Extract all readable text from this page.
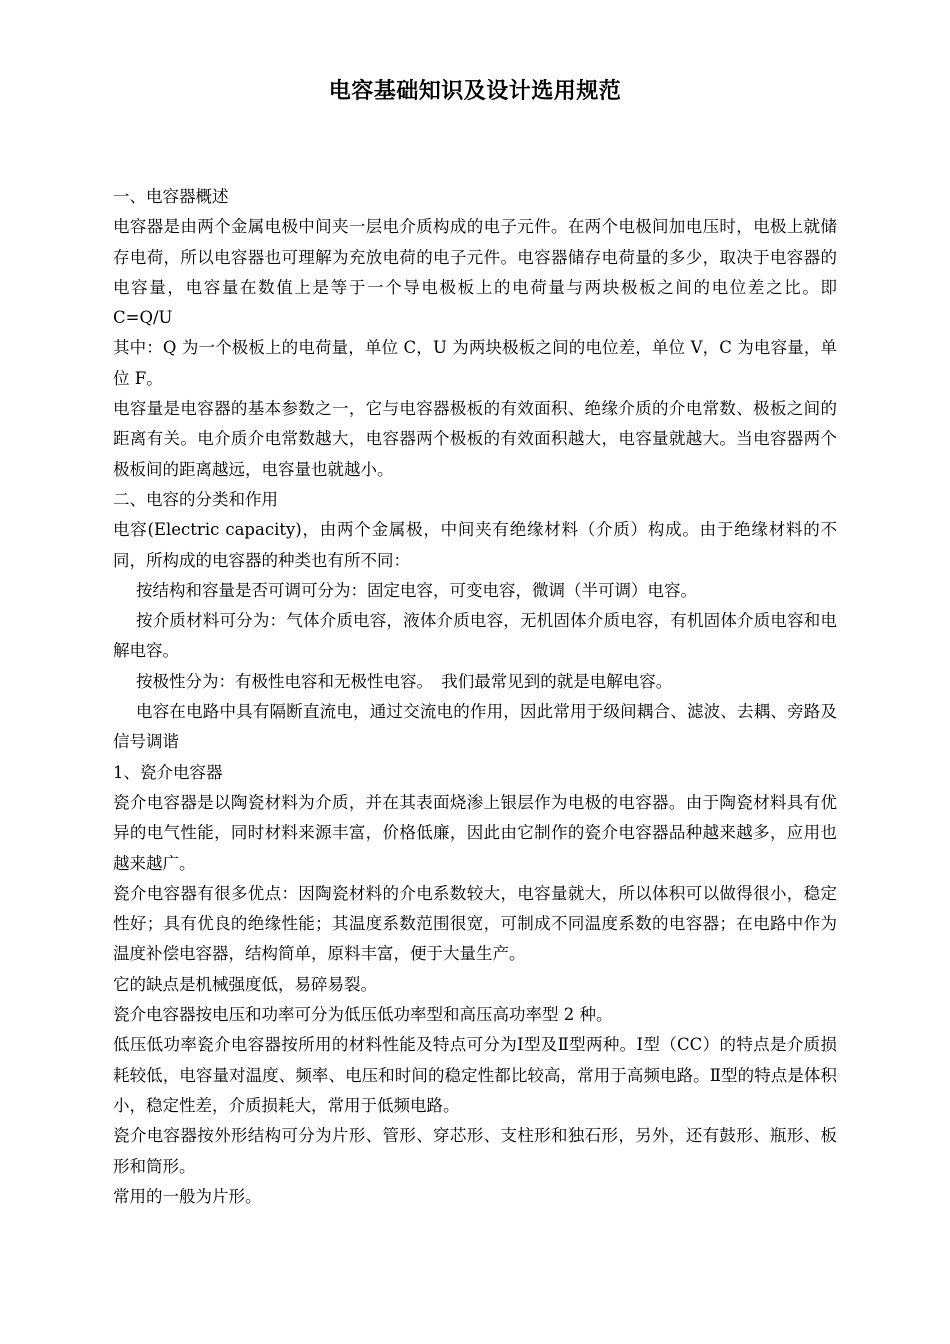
电容基础知识及设计选用规范

一、电容器概述

电容器是由两个金属电极中间夹一层电介质构成的电子元件。在两个电极间加电压时，电极上就储存电荷，所以电容器也可理解为充放电荷的电子元件。电容器储存电荷量的多少，取决于电容器的电容量，电容量在数值上是等于一个导电极板上的电荷量与两块极板之间的电位差之比。即　C=Q/U

其中：Q 为一个极板上的电荷量，单位 C，U 为两块极板之间的电位差，单位 V，C 为电容量，单位 F。

电容量是电容器的基本参数之一，它与电容器极板的有效面积、绝缘介质的介电常数、极板之间的距离有关。电介质介电常数越大，电容器两个极板的有效面积越大，电容量就越大。当电容器两个极板间的距离越远，电容量也就越小。

二、电容的分类和作用

电容(Electric capacity)，由两个金属极，中间夹有绝缘材料（介质）构成。由于绝缘材料的不同，所构成的电容器的种类也有所不同：

按结构和容量是否可调可分为：固定电容，可变电容，微调（半可调）电容。

按介质材料可分为：气体介质电容，液体介质电容，无机固体介质电容，有机固体介质电容和电解电容。

按极性分为：有极性电容和无极性电容。　我们最常见到的就是电解电容。

电容在电路中具有隔断直流电，通过交流电的作用，因此常用于级间耦合、滤波、去耦、旁路及信号调谐

1、瓷介电容器

瓷介电容器是以陶瓷材料为介质，并在其表面烧渗上银层作为电极的电容器。由于陶瓷材料具有优异的电气性能，同时材料来源丰富，价格低廉，因此由它制作的瓷介电容器品种越来越多，应用也越来越广。

瓷介电容器有很多优点：因陶瓷材料的介电系数较大，电容量就大，所以体积可以做得很小，稳定性好；具有优良的绝缘性能；其温度系数范围很宽，可制成不同温度系数的电容器；在电路中作为温度补偿电容器，结构简单，原料丰富，便于大量生产。

它的缺点是机械强度低，易碎易裂。

瓷介电容器按电压和功率可分为低压低功率型和高压高功率型 2 种。

低压低功率瓷介电容器按所用的材料性能及特点可分为Ⅰ型及Ⅱ型两种。Ⅰ型（CC）的特点是介质损耗较低，电容量对温度、频率、电压和时间的稳定性都比较高，常用于高频电路。Ⅱ型的特点是体积小，稳定性差，介质损耗大，常用于低频电路。

瓷介电容器按外形结构可分为片形、管形、穿芯形、支柱形和独石形，另外，还有鼓形、瓶形、板形和筒形。

常用的一般为片形。
